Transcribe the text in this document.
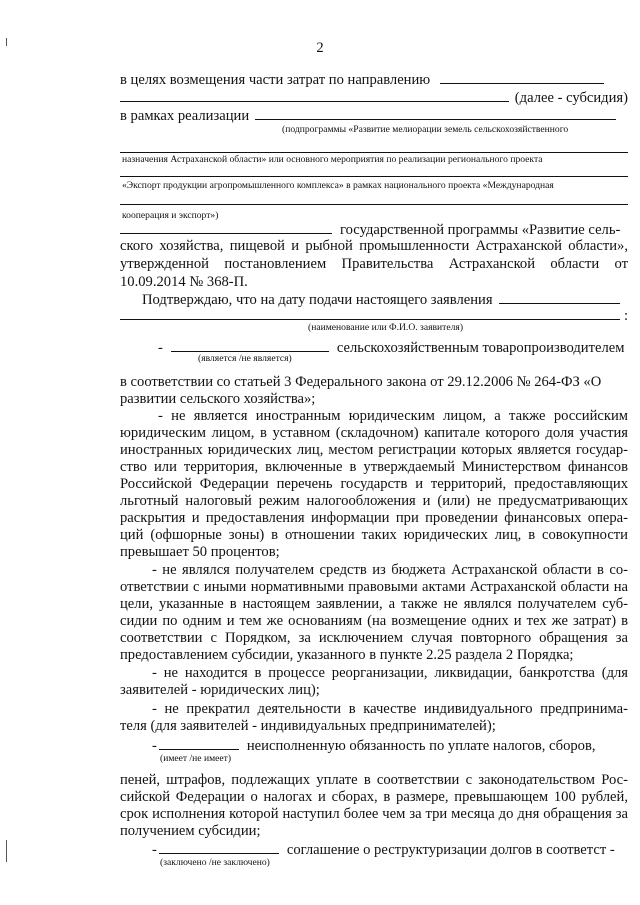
2
в целях возмещения части затрат по направлению
(далее - субсидия)
в рамках реализации
(подпрограммы «Развитие мелиорации земель сельскохозяйственного
назначения Астраханской области» или основного мероприятия по реализации регионального проекта
«Экспорт продукции агропромышленного комплекса» в рамках национального проекта «Международная
кооперация и экспорт»)
государственной программы «Развитие сель-
ского хозяйства, пищевой и рыбной промышленности Астраханской области»,
утвержденной постановлением Правительства Астраханской области от
10.09.2014 № 368-П.
Подтверждаю, что на дату подачи настоящего заявления
:
(наименование или Ф.И.О. заявителя)
-	сельскохозяйственным товаропроизводителем
(является /не является)
в соответствии со статьей 3 Федерального закона от 29.12.2006 № 264-ФЗ «О
развитии сельского хозяйства»;
- не является иностранным юридическим лицом, а также российским
юридическим лицом, в уставном (складочном) капитале которого доля участия
иностранных юридических лиц, местом регистрации которых является государ-
ство или территория, включенные в утверждаемый Министерством финансов
Российской Федерации перечень государств и территорий, предоставляющих
льготный налоговый режим налогообложения и (или) не предусматривающих
раскрытия и предоставления информации при проведении финансовых опера-
ций (офшорные зоны) в отношении таких юридических лиц, в совокупности
превышает 50 процентов;
- не являлся получателем средств из бюджета Астраханской области в со-
ответствии с иными нормативными правовыми актами Астраханской области на
цели, указанные в настоящем заявлении, а также не являлся получателем суб-
сидии по одним и тем же основаниям (на возмещение одних и тех же затрат) в
соответствии с Порядком, за исключением случая повторного обращения за
предоставлением субсидии, указанного в пункте 2.25 раздела 2 Порядка;
- не находится в процессе реорганизации, ликвидации, банкротства (для
заявителей - юридических лиц);
- не прекратил деятельности в качестве индивидуального предпринима-
теля (для заявителей - индивидуальных предпринимателей);
-	неисполненную обязанность по уплате налогов, сборов,
(имеет /не имеет)
пеней, штрафов, подлежащих уплате в соответствии с законодательством Рос-
сийской Федерации о налогах и сборах, в размере, превышающем 100 рублей,
срок исполнения которой наступил более чем за три месяца до дня обращения за
получением субсидии;
-	соглашение о реструктуризации долгов в соответст -
(заключено /не заключено)
